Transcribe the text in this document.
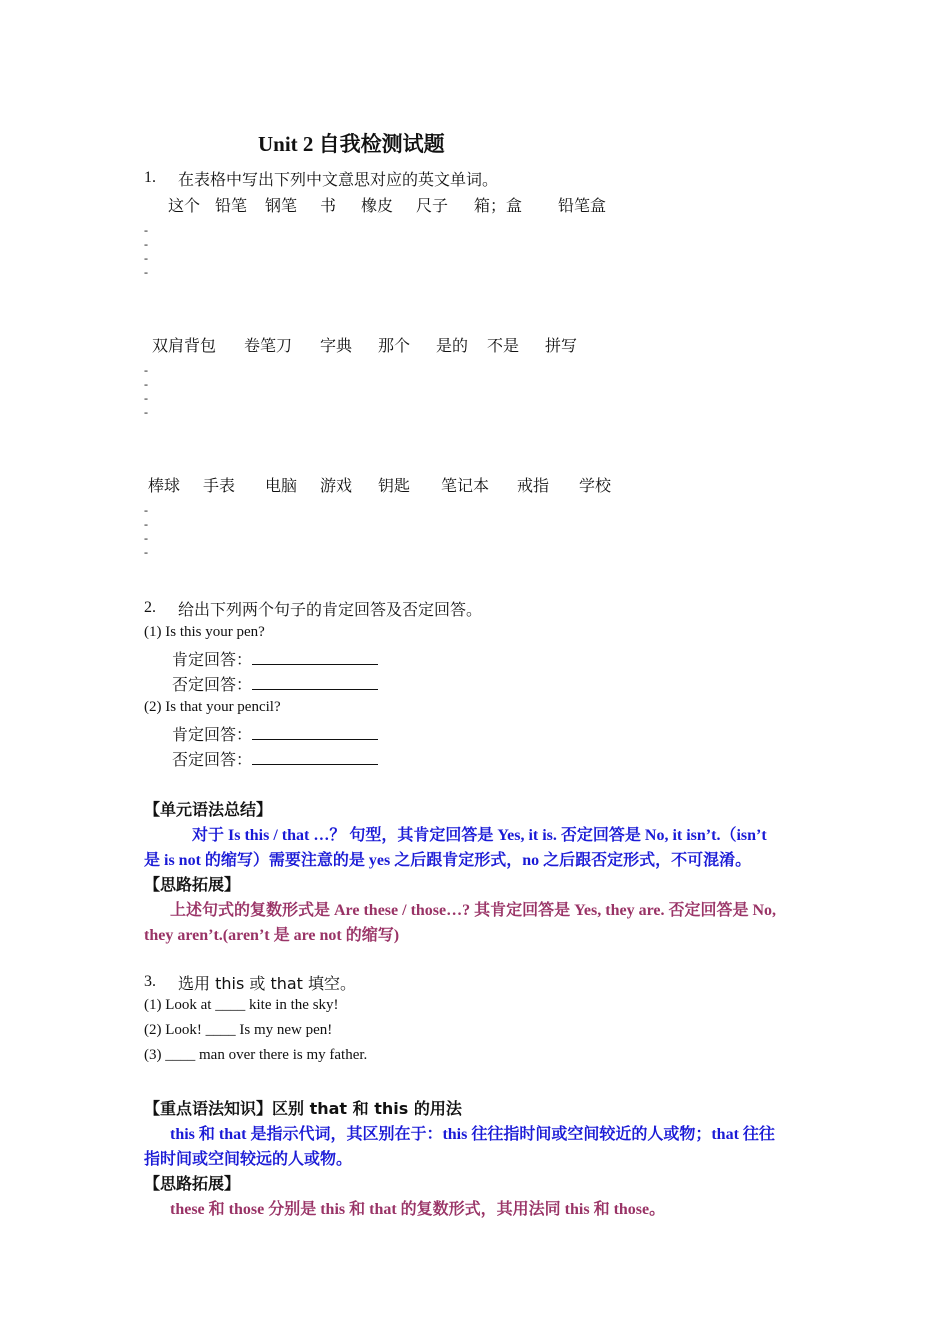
Unit 2 自我检测试题
1. 在表格中写出下列中文意思对应的英文单词。
这个 铅笔 钢笔 书 橡皮 尺子 箱；盒 铅笔盒
-
-
-
-
双肩背包 卷笔刀 字典 那个 是的 不是 拼写
-
-
-
-
棒球 手表 电脑 游戏 钥匙 笔记本 戒指 学校
-
-
-
-
2. 给出下列两个句子的肯定回答及否定回答。
(1) Is this your pen?
肯定回答：
否定回答：
(2) Is that your pencil?
肯定回答：
否定回答：
【单元语法总结】
对于 Is this / that …？ 句型，其肯定回答是 Yes, it is. 否定回答是 No, it isn’t.（isn’t
是 is not 的缩写）需要注意的是 yes 之后跟肯定形式，no 之后跟否定形式，不可混淆。
【思路拓展】
上述句式的复数形式是 Are these / those…? 其肯定回答是 Yes, they are. 否定回答是 No,
they aren’t.(aren’t 是 are not 的缩写)
3. 选用 this 或 that 填空。
(1) Look at ____ kite in the sky!
(2) Look! ____ Is my new pen!
(3) ____ man over there is my father.
【重点语法知识】区别 that 和 this 的用法
this 和 that 是指示代词，其区别在于：this 往往指时间或空间较近的人或物；that 往往
指时间或空间较远的人或物。
【思路拓展】
these 和 those 分别是 this 和 that 的复数形式，其用法同 this 和 those。
